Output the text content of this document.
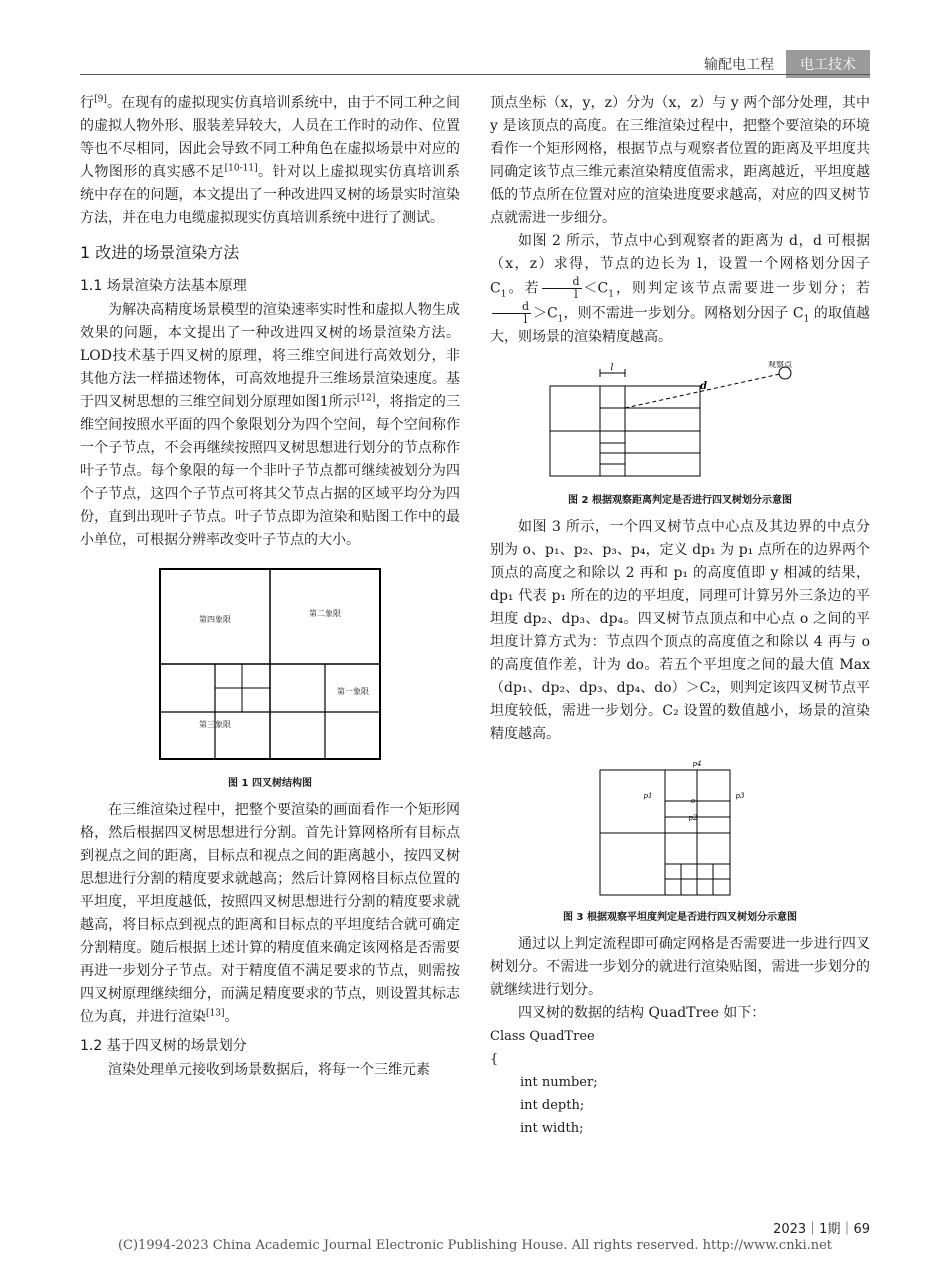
输配电工程	电工技术

行[9]。在现有的虚拟现实仿真培训系统中，由于不同工种之间的虚拟人物外形、服装差异较大，人员在工作时的动作、位置等也不尽相同，因此会导致不同工种角色在虚拟场景中对应的人物图形的真实感不足[10-11]。针对以上虚拟现实仿真培训系统中存在的问题，本文提出了一种改进四叉树的场景实时渲染方法，并在电力电缆虚拟现实仿真培训系统中进行了测试。

1 改进的场景渲染方法
1.1 场景渲染方法基本原理

为解决高精度场景模型的渲染速率实时性和虚拟人物生成效果的问题，本文提出了一种改进四叉树的场景渲染方法。LOD技术基于四叉树的原理，将三维空间进行高效划分，非其他方法一样描述物体，可高效地提升三维场景渲染速度。基于四叉树思想的三维空间划分原理如图1所示[12]，将指定的三维空间按照水平面的四个象限划分为四个空间，每个空间称作一个子节点，不会再继续按照四叉树思想进行划分的节点称作叶子节点。每个象限的每一个非叶子节点都可继续被划分为四个子节点，这四个子节点可将其父节点占据的区域平均分为四份，直到出现叶子节点。叶子节点即为渲染和贴图工作中的最小单位，可根据分辨率改变叶子节点的大小。

第四象限
第二象限
第一象限
第三象限
图 1 四叉树结构图

在三维渲染过程中，把整个要渲染的画面看作一个矩形网格，然后根据四叉树思想进行分割。首先计算网格所有目标点到视点之间的距离，目标点和视点之间的距离越小，按四叉树思想进行分割的精度要求就越高；然后计算网格目标点位置的平坦度，平坦度越低，按照四叉树思想进行分割的精度要求就越高，将目标点到视点的距离和目标点的平坦度结合就可确定分割精度。随后根据上述计算的精度值来确定该网格是否需要再进一步划分子节点。对于精度值不满足要求的节点，则需按四叉树原理继续细分，而满足精度要求的节点，则设置其标志位为真，并进行渲染[13]。

1.2 基于四叉树的场景划分

渲染处理单元接收到场景数据后，将每一个三维元素

顶点坐标（x，y，z）分为（x，z）与 y 两个部分处理，其中 y 是该顶点的高度。在三维渲染过程中，把整个要渲染的环境看作一个矩形网格，根据节点与观察者位置的距离及平坦度共同确定该节点三维元素渲染精度值需求，距离越近，平坦度越低的节点所在位置对应的渲染进度要求越高，对应的四叉树节点就需进一步细分。

如图 2 所示，节点中心到观察者的距离为 d，d 可根据（x，z）求得，节点的边长为 l，设置一个网格划分因子 $C_1$。若 $\frac{d}{l} <C_1$，则判定该节点需要进一步划分；若
$\frac{d}{l} >C_1$，则不需进一步划分。网格划分因子 $C_1$ 的取值越大，则场景的渲染精度越高。

l
d
观察点
图 2 根据观察距离判定是否进行四叉树划分示意图

如图 3 所示，一个四叉树节点中心点及其边界的中点分别为 o、p₁、p₂、p₃、p₄，定义 dp₁ 为 p₁ 点所在的边界两个顶点的高度之和除以 2 再和 p₁ 的高度值即 y 相减的结果，dp₁ 代表 p₁ 所在的边的平坦度，同理可计算另外三条边的平坦度 dp₂、dp₃、dp₄。四叉树节点顶点和中心点 o 之间的平坦度计算方式为：节点四个顶点的高度值之和除以 4 再与 o 的高度值作差，计为 do。若五个平坦度之间的最大值 Max（dp₁、dp₂、dp₃、dp₄、do）＞C₂，则判定该四叉树节点平坦度较低，需进一步划分。C₂ 设置的数值越小，场景的渲染精度越高。

p4
p1	p3
o
p2
图 3 根据观察平坦度判定是否进行四叉树划分示意图

通过以上判定流程即可确定网格是否需要进一步进行四叉树划分。不需进一步划分的就进行渲染贴图，需进一步划分的就继续进行划分。

四叉树的数据的结构 QuadTree 如下：

Class QuadTree
{
int number;
int depth;
int width;
2023｜1期｜69
(C)1994-2023 China Academic Journal Electronic Publishing House. All rights reserved. http://www.cnki.net
